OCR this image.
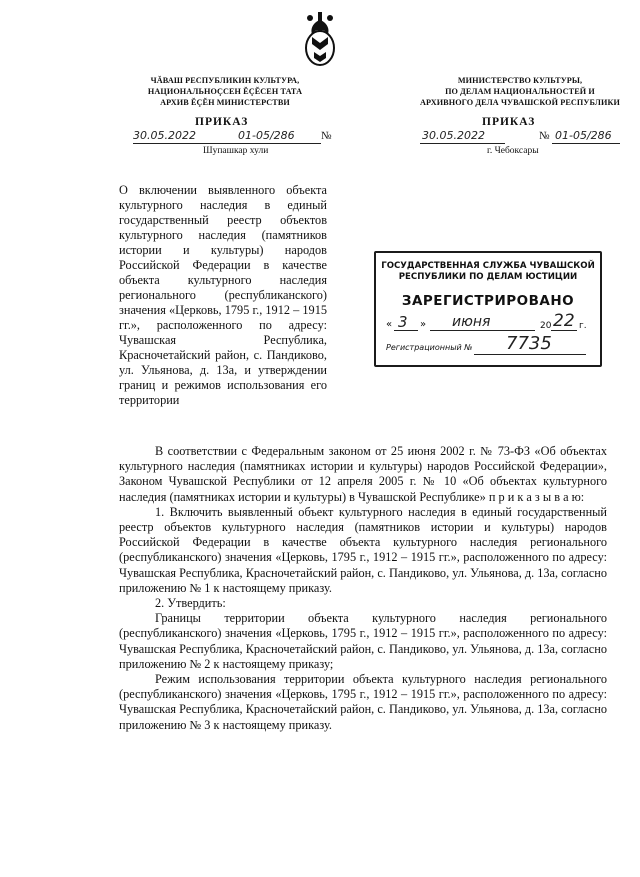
ЧĂВАШ РЕСПУБЛИКИН КУЛЬТУРА,
НАЦИОНАЛЬНОÇСЕН ĔÇĔСЕН ТАТА
АРХИВ ĔÇĔН МИНИСТЕРСТВИ
МИНИСТЕРСТВО КУЛЬТУРЫ,
ПО ДЕЛАМ НАЦИОНАЛЬНОСТЕЙ И
АРХИВНОГО ДЕЛА ЧУВАШСКОЙ РЕСПУБЛИКИ
ПРИКАЗ	ПРИКАЗ
30.05.2022	01-05/286 №
Шупашкар хули
30.05.2022	№ 01-05/286
г. Чебоксары
О включении выявленного объекта культурного наследия в единый государственный реестр объектов культурного наследия (памятников истории и культуры) народов Российской Федерации в качестве объекта культурного наследия регионального (республиканского) значения «Церковь, 1795 г., 1912 – 1915 гг.», расположенного по адресу: Чувашская Республика, Красночетайский район, с. Пандиково, ул. Ульянова, д. 13а, и утверждении границ и режимов использования его территории
ГОСУДАРСТВЕННАЯ СЛУЖБА ЧУВАШСКОЙ
РЕСПУБЛИКИ ПО ДЕЛАМ ЮСТИЦИИ
ЗАРЕГИСТРИРОВАНО
« 3 » июня	20 22 г.
Регистрационный № 7735

В соответствии с Федеральным законом от 25 июня 2002 г. № 73-ФЗ «Об объектах культурного наследия (памятниках истории и культуры) народов Российской Федерации», Законом Чувашской Республики от 12 апреля 2005 г. № 10 «Об объектах культурного наследия (памятниках истории и культуры) в Чувашской Республике» п р и к а з ы в а ю:

1. Включить выявленный объект культурного наследия в единый государственный реестр объектов культурного наследия (памятников истории и культуры) народов Российской Федерации в качестве объекта культурного наследия регионального (республиканского) значения «Церковь, 1795 г., 1912 – 1915 гг.», расположенного по адресу: Чувашская Республика, Красночетайский район, с. Пандиково, ул. Ульянова, д. 13а, согласно приложению № 1 к настоящему приказу.

2. Утвердить:

Границы территории объекта культурного наследия регионального (республиканского) значения «Церковь, 1795 г., 1912 – 1915 гг.», расположенного по адресу: Чувашская Республика, Красночетайский район, с. Пандиково, ул. Ульянова, д. 13а, согласно приложению № 2 к настоящему приказу;

Режим использования территории объекта культурного наследия регионального (республиканского) значения «Церковь, 1795 г., 1912 – 1915 гг.», расположенного по адресу: Чувашская Республика, Красночетайский район, с. Пандиково, ул. Ульянова, д. 13а, согласно приложению № 3 к настоящему приказу.
